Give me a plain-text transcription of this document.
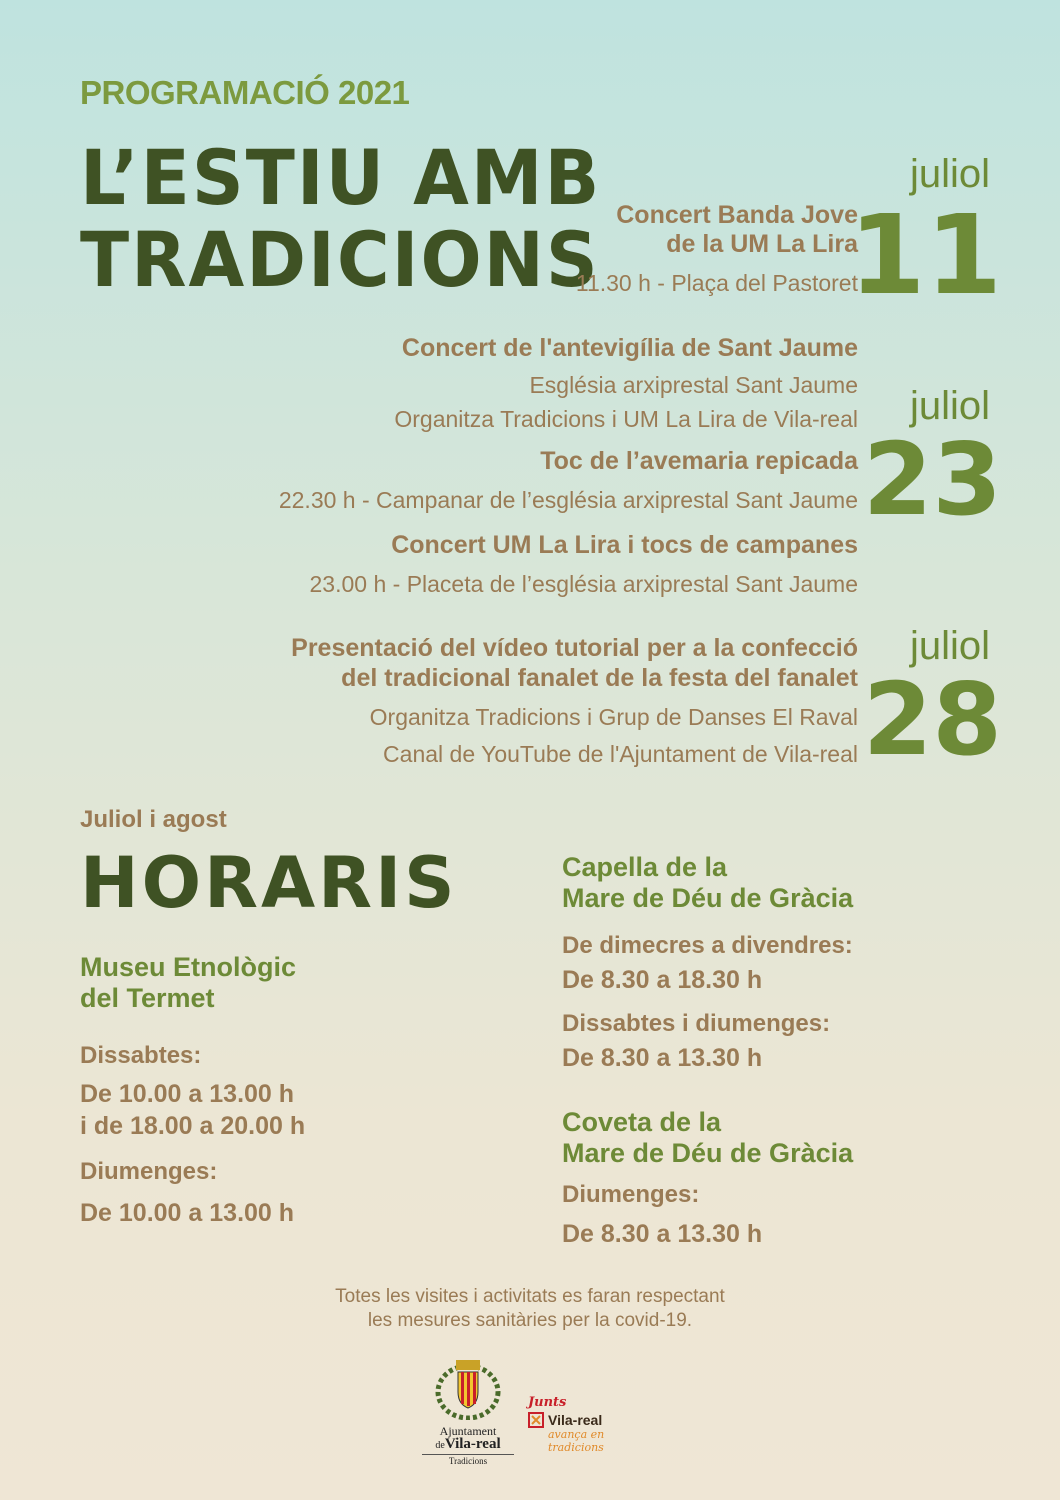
PROGRAMACIÓ 2021
L’ESTIU AMB
TRADICIONS
juliol
11
Concert Banda Jove
de la UM La Lira
11.30 h - Plaça del Pastoret
Concert de l'antevigília de Sant Jaume
Església arxiprestal Sant Jaume
Organitza Tradicions i UM La Lira de Vila-real
Toc de l’avemaria repicada
22.30 h - Campanar de l’església arxiprestal Sant Jaume
Concert UM La Lira i tocs de campanes
23.00 h - Placeta de l’església arxiprestal Sant Jaume
juliol
23
Presentació del vídeo tutorial per a la confecció
del tradicional fanalet de la festa del fanalet
Organitza Tradicions i Grup de Danses El Raval
Canal de YouTube de l'Ajuntament de Vila-real
juliol
28
Juliol i agost
HORARIS
Museu Etnològic
del Termet
Dissabtes:
De 10.00 a 13.00 h
i de 18.00 a 20.00 h
Diumenges:
De 10.00 a 13.00 h
Capella de la
Mare de Déu de Gràcia
De dimecres a divendres:
De 8.30 a 18.30 h
Dissabtes i diumenges:
De 8.30 a 13.30 h
Coveta de la
Mare de Déu de Gràcia
Diumenges:
De 8.30 a 13.30 h
Totes les visites i activitats es faran respectant
les mesures sanitàries per la covid-19.
Ajuntament
deVila-real
Tradicions
Junts
Vila-real
avança en tradicions
